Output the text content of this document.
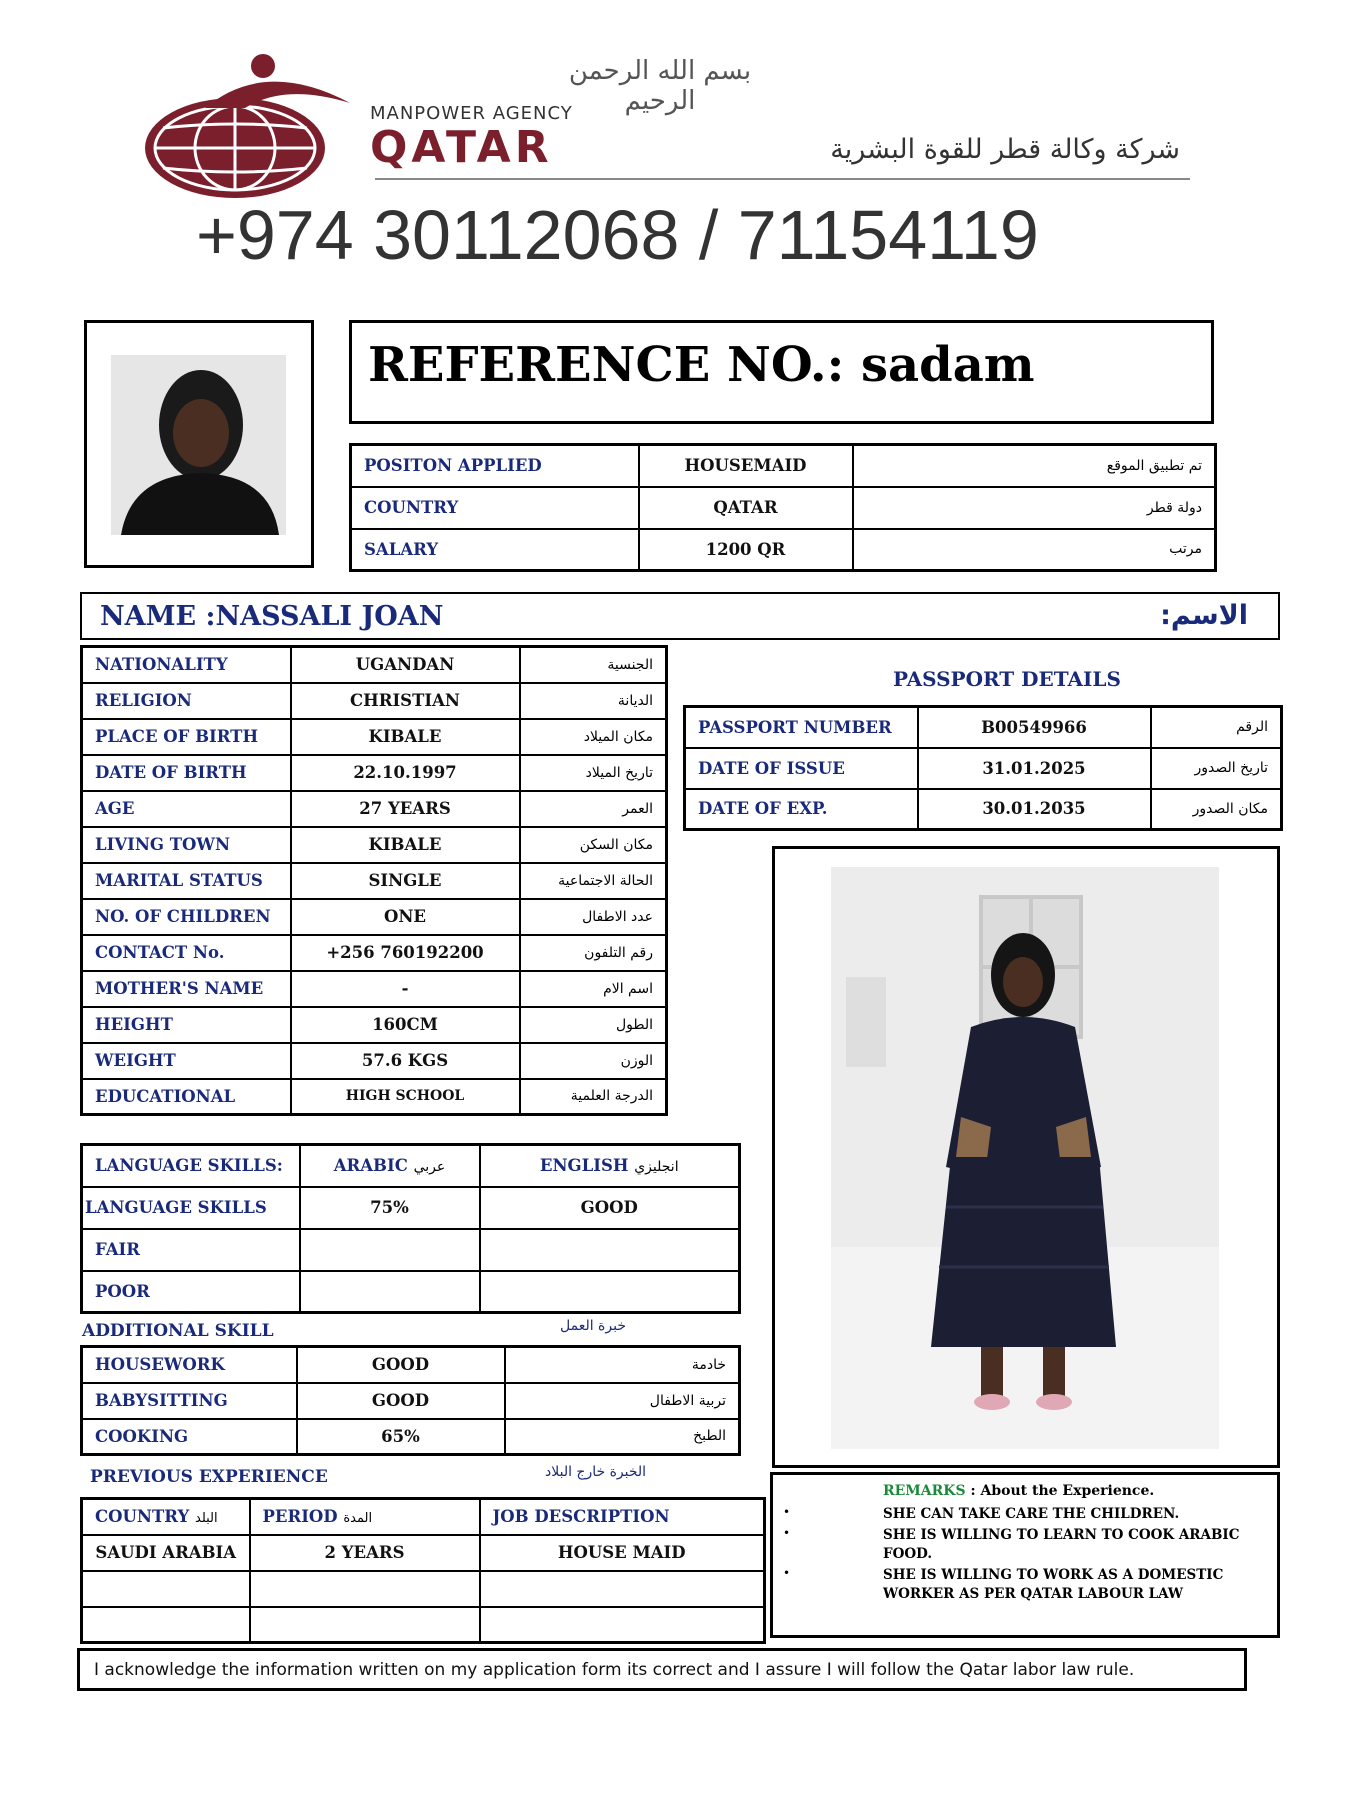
بسم الله الرحمن الرحيم
MANPOWER AGENCY
QATAR	شركة وكالة قطر للقوة البشرية
+974 30112068 / 71154119
REFERENCE NO.: sadam
POSITON APPLIED	HOUSEMAID	تم تطبيق الموقع
COUNTRY	QATAR	دولة قطر
SALARY	1200 QR	مرتب
NAME :NASSALI JOAN	الاسم:
NATIONALITY	UGANDAN	الجنسية
RELIGION	CHRISTIAN	الديانة
PLACE OF BIRTH	KIBALE	مكان الميلاد
DATE OF BIRTH	22.10.1997	تاريخ الميلاد
AGE	27 YEARS	العمر
LIVING TOWN	KIBALE	مكان السكن
MARITAL STATUS	SINGLE	الحالة الاجتماعية
NO. OF CHILDREN	ONE	عدد الاطفال
CONTACT No.	+256 760192200	رقم التلفون
MOTHER'S NAME	-	اسم الام
HEIGHT	160CM	الطول
WEIGHT	57.6 KGS	الوزن
EDUCATIONAL	HIGH SCHOOL	الدرجة العلمية
PASSPORT DETAILS
PASSPORT NUMBER	B00549966	الرقم
DATE OF ISSUE	31.01.2025	تاريخ الصدور
DATE OF EXP.	30.01.2035	مكان الصدور
LANGUAGE SKILLS:	ARABIC عربي	ENGLISH انجليزي
LANGUAGE SKILLS	75%	GOOD
FAIR		
POOR		
ADDITIONAL SKILL	خبرة العمل
HOUSEWORK	GOOD	خادمة
BABYSITTING	GOOD	تربية الاطفال
COOKING	65%	الطبخ
PREVIOUS EXPERIENCE	الخبرة خارج البلاد
COUNTRY البلد	PERIOD المدة	JOB DESCRIPTION
SAUDI ARABIA	2 YEARS	HOUSE MAID

REMARKS : About the Experience.
•	SHE CAN TAKE CARE THE CHILDREN.
•	SHE IS WILLING TO LEARN TO COOK ARABIC FOOD.
•	SHE IS WILLING TO WORK AS A DOMESTIC WORKER AS PER QATAR LABOUR LAW
I acknowledge the information written on my application form its correct and I assure I will follow the Qatar labor law rule.
